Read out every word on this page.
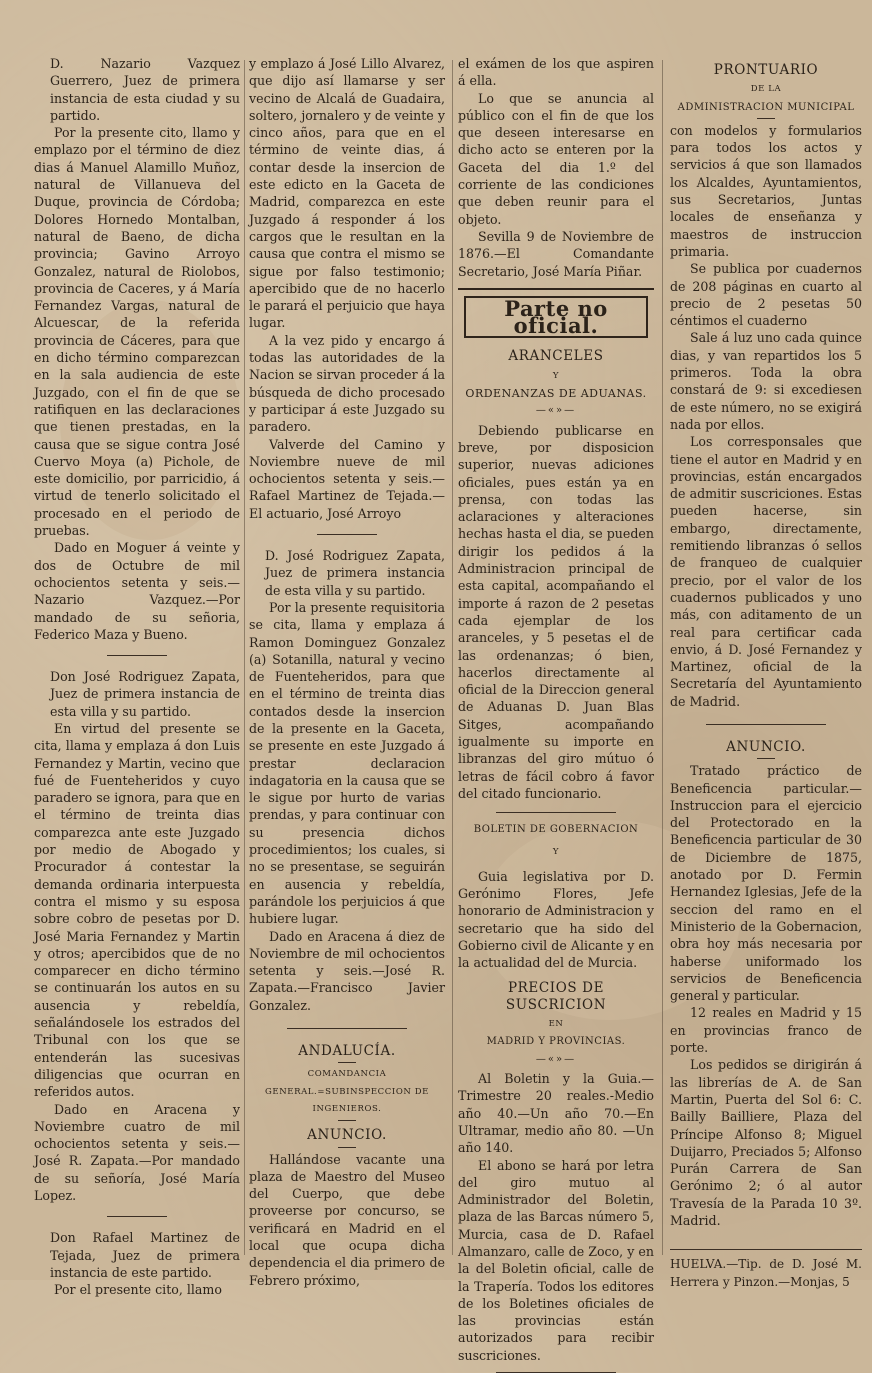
D. Nazario Vazquez Guerrero, Juez de primera instancia de esta ciudad y su partido.

Por la presente cito, llamo y emplazo por el término de diez dias á Manuel Alamillo Muñoz, natural de Villanueva del Duque, provincia de Córdoba; Dolores Hornedo Montalban, natural de Baeno, de dicha provincia; Gavino Arroyo Gonzalez, natural de Riolobos, provincia de Caceres, y á María Fernandez Vargas, natural de Alcuescar, de la referida provincia de Cáceres, para que en dicho término comparezcan en la sala audiencia de este Juzgado, con el fin de que se ratifiquen en las declaraciones que tienen prestadas, en la causa que se sigue contra José Cuervo Moya (a) Pichole, de este domicilio, por parricidio, á virtud de tenerlo solicitado el procesado en el periodo de pruebas.

Dado en Moguer á veinte y dos de Octubre de mil ochocientos setenta y seis.—Nazario Vazquez.—Por mandado de su señoria, Federico Maza y Bueno.

Don José Rodriguez Zapata, Juez de primera instancia de esta villa y su partido.

En virtud del presente se cita, llama y emplaza á don Luis Fernandez y Martin, vecino que fué de Fuenteheridos y cuyo paradero se ignora, para que en el término de treinta dias comparezca ante este Juzgado por medio de Abogado y Procurador á contestar la demanda ordinaria interpuesta contra el mismo y su esposa sobre cobro de pesetas por D. José Maria Fernandez y Martin y otros; apercibidos que de no comparecer en dicho término se continuarán los autos en su ausencia y rebeldía, señalándosele los estrados del Tribunal con los que se entenderán las sucesivas diligencias que ocurran en referidos autos.

Dado en Aracena y Noviembre cuatro de mil ochocientos setenta y seis.—José R. Zapata.—Por mandado de su señoría, José María Lopez.

Don Rafael Martinez de Tejada, Juez de primera instancia de este partido.

Por el presente cito, llamo

y emplazo á José Lillo Alvarez, que dijo así llamarse y ser vecino de Alcalá de Guadaira, soltero, jornalero y de veinte y cinco años, para que en el término de veinte dias, á contar desde la insercion de este edicto en la Gaceta de Madrid, comparezca en este Juzgado á responder á los cargos que le resultan en la causa que contra el mismo se sigue por falso testimonio; apercibido que de no hacerlo le parará el perjuicio que haya lugar.

A la vez pido y encargo á todas las autoridades de la Nacion se sirvan proceder á la búsqueda de dicho procesado y participar á este Juzgado su paradero.

Valverde del Camino y Noviembre nueve de mil ochocientos setenta y seis.—Rafael Martinez de Tejada.—El actuario, José Arroyo

D. José Rodriguez Zapata, Juez de primera instancia de esta villa y su partido.

Por la presente requisitoria se cita, llama y emplaza á Ramon Dominguez Gonzalez (a) Sotanilla, natural y vecino de Fuenteheridos, para que en el término de treinta dias contados desde la insercion de la presente en la Gaceta, se presente en este Juzgado á prestar declaracion indagatoria en la causa que se le sigue por hurto de varias prendas, y para continuar con su presencia dichos procedimientos; los cuales, si no se presentase, se seguirán en ausencia y rebeldía, parándole los perjuicios á que hubiere lugar.

Dado en Aracena á diez de Noviembre de mil ochocientos setenta y seis.—José R. Zapata.—Francisco Javier Gonzalez.

ANDALUCÍA.

COMANDANCIA GENERAL.=SUBINSPECCION DE INGENIEROS.

ANUNCIO.

Hallándose vacante una plaza de Maestro del Museo del Cuerpo, que debe proveerse por concurso, se verificará en Madrid en el local que ocupa dicha dependencia el dia primero de Febrero próximo,

el exámen de los que aspiren á ella.

Lo que se anuncia al público con el fin de que los que deseen interesarse en dicho acto se enteren por la Gaceta del dia 1.º del corriente de las condiciones que deben reunir para el objeto.

Sevilla 9 de Noviembre de 1876.—El Comandante Secretario, José María Piñar.

Parte no oficial.

ARANCELES

Y

ORDENANZAS DE ADUANAS.

—«»—

Debiendo publicarse en breve, por disposicion superior, nuevas adiciones oficiales, pues están ya en prensa, con todas las aclaraciones y alteraciones hechas hasta el dia, se pueden dirigir los pedidos á la Administracion principal de esta capital, acompañando el importe á razon de 2 pesetas cada ejemplar de los aranceles, y 5 pesetas el de las ordenanzas; ó bien, hacerlos directamente al oficial de la Direccion general de Aduanas D. Juan Blas Sitges, acompañando igualmente su importe en libranzas del giro mútuo ó letras de fácil cobro á favor del citado funcionario.

BOLETIN DE GOBERNACION

Y

Guia legislativa por D. Gerónimo Flores, Jefe honorario de Administracion y secretario que ha sido del Gobierno civil de Alicante y en la actualidad del de Murcia.

PRECIOS DE SUSCRICION

EN

MADRID Y PROVINCIAS.

—«»—

Al Boletin y la Guia.—Trimestre 20 reales.-Medio año 40.—Un año 70.—En Ultramar, medio año 80. —Un año 140.

El abono se hará por letra del giro mutuo al Administrador del Boletin, plaza de las Barcas número 5, Murcia, casa de D. Rafael Almanzaro, calle de Zoco, y en la del Boletin oficial, calle de la Trapería. Todos los editores de los Boletines oficiales de las provincias están autorizados para recibir suscriciones.

PRONTUARIO

DE LA

ADMINISTRACION MUNICIPAL

con modelos y formularios para todos los actos y servicios á que son llamados los Alcaldes, Ayuntamientos, sus Secretarios, Juntas locales de enseñanza y maestros de instruccion primaria.

Se publica por cuadernos de 208 páginas en cuarto al precio de 2 pesetas 50 céntimos el cuaderno

Sale á luz uno cada quince dias, y van repartidos los 5 primeros. Toda la obra constará de 9: si excediesen de este número, no se exigirá nada por ellos.

Los corresponsales que tiene el autor en Madrid y en provincias, están encargados de admitir suscriciones. Estas pueden hacerse, sin embargo, directamente, remitiendo libranzas ó sellos de franqueo de cualquier precio, por el valor de los cuadernos publicados y uno más, con aditamento de un real para certificar cada envio, á D. José Fernandez y Martinez, oficial de la Secretaría del Ayuntamiento de Madrid.

ANUNCIO.

Tratado práctico de Beneficencia particular.—Instruccion para el ejercicio del Protectorado en la Beneficencia particular de 30 de Diciembre de 1875, anotado por D. Fermin Hernandez Iglesias, Jefe de la seccion del ramo en el Ministerio de la Gobernacion, obra hoy más necesaria por haberse uniformado los servicios de Beneficencia general y particular.

12 reales en Madrid y 15 en provincias franco de porte.

Los pedidos se dirigirán á las librerías de A. de San Martin, Puerta del Sol 6: C. Bailly Bailliere, Plaza del Príncipe Alfonso 8; Miguel Duijarro, Preciados 5; Alfonso Purán Carrera de San Gerónimo 2; ó al autor Travesía de la Parada 10 3º. Madrid.

HUELVA.—Tip. de D. José M. Herrera y Pinzon.—Monjas, 5
